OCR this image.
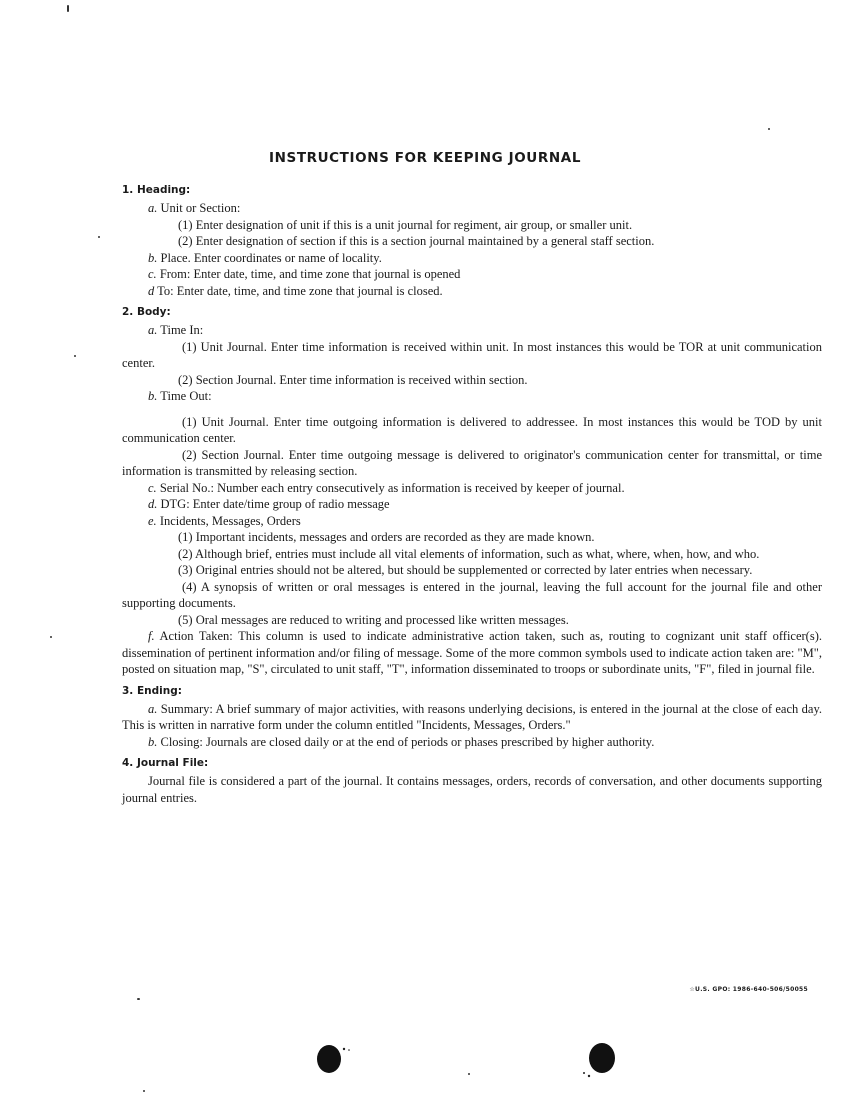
INSTRUCTIONS FOR KEEPING JOURNAL
1. Heading:
a. Unit or Section:
(1) Enter designation of unit if this is a unit journal for regiment, air group, or smaller unit.
(2) Enter designation of section if this is a section journal maintained by a general staff section.
b. Place. Enter coordinates or name of locality.
c. From: Enter date, time, and time zone that journal is opened
d To: Enter date, time, and time zone that journal is closed.
2. Body:
a. Time In:
(1) Unit Journal. Enter time information is received within unit. In most instances this would be TOR at unit communication center.
(2) Section Journal. Enter time information is received within section.
b. Time Out:
(1) Unit Journal. Enter time outgoing information is delivered to addressee. In most instances this would be TOD by unit communication center.
(2) Section Journal. Enter time outgoing message is delivered to originator's communication center for transmittal, or time information is transmitted by releasing section.
c. Serial No.: Number each entry consecutively as information is received by keeper of journal.
d. DTG: Enter date/time group of radio message
e. Incidents, Messages, Orders
(1) Important incidents, messages and orders are recorded as they are made known.
(2) Although brief, entries must include all vital elements of information, such as what, where, when, how, and who.
(3) Original entries should not be altered, but should be supplemented or corrected by later entries when necessary.
(4) A synopsis of written or oral messages is entered in the journal, leaving the full account for the journal file and other supporting documents.
(5) Oral messages are reduced to writing and processed like written messages.
f. Action Taken: This column is used to indicate administrative action taken, such as, routing to cognizant unit staff officer(s). dissemination of pertinent information and/or filing of message. Some of the more common symbols used to indicate action taken are: "M", posted on situation map, "S", circulated to unit staff, "T", information disseminated to troops or subordinate units, "F", filed in journal file.
3. Ending:
a. Summary: A brief summary of major activities, with reasons underlying decisions, is entered in the journal at the close of each day. This is written in narrative form under the column entitled "Incidents, Messages, Orders."
b. Closing: Journals are closed daily or at the end of periods or phases prescribed by higher authority.
4. Journal File:
Journal file is considered a part of the journal. It contains messages, orders, records of conversation, and other documents supporting journal entries.
☆U.S. GPO: 1986-640-506/50055
